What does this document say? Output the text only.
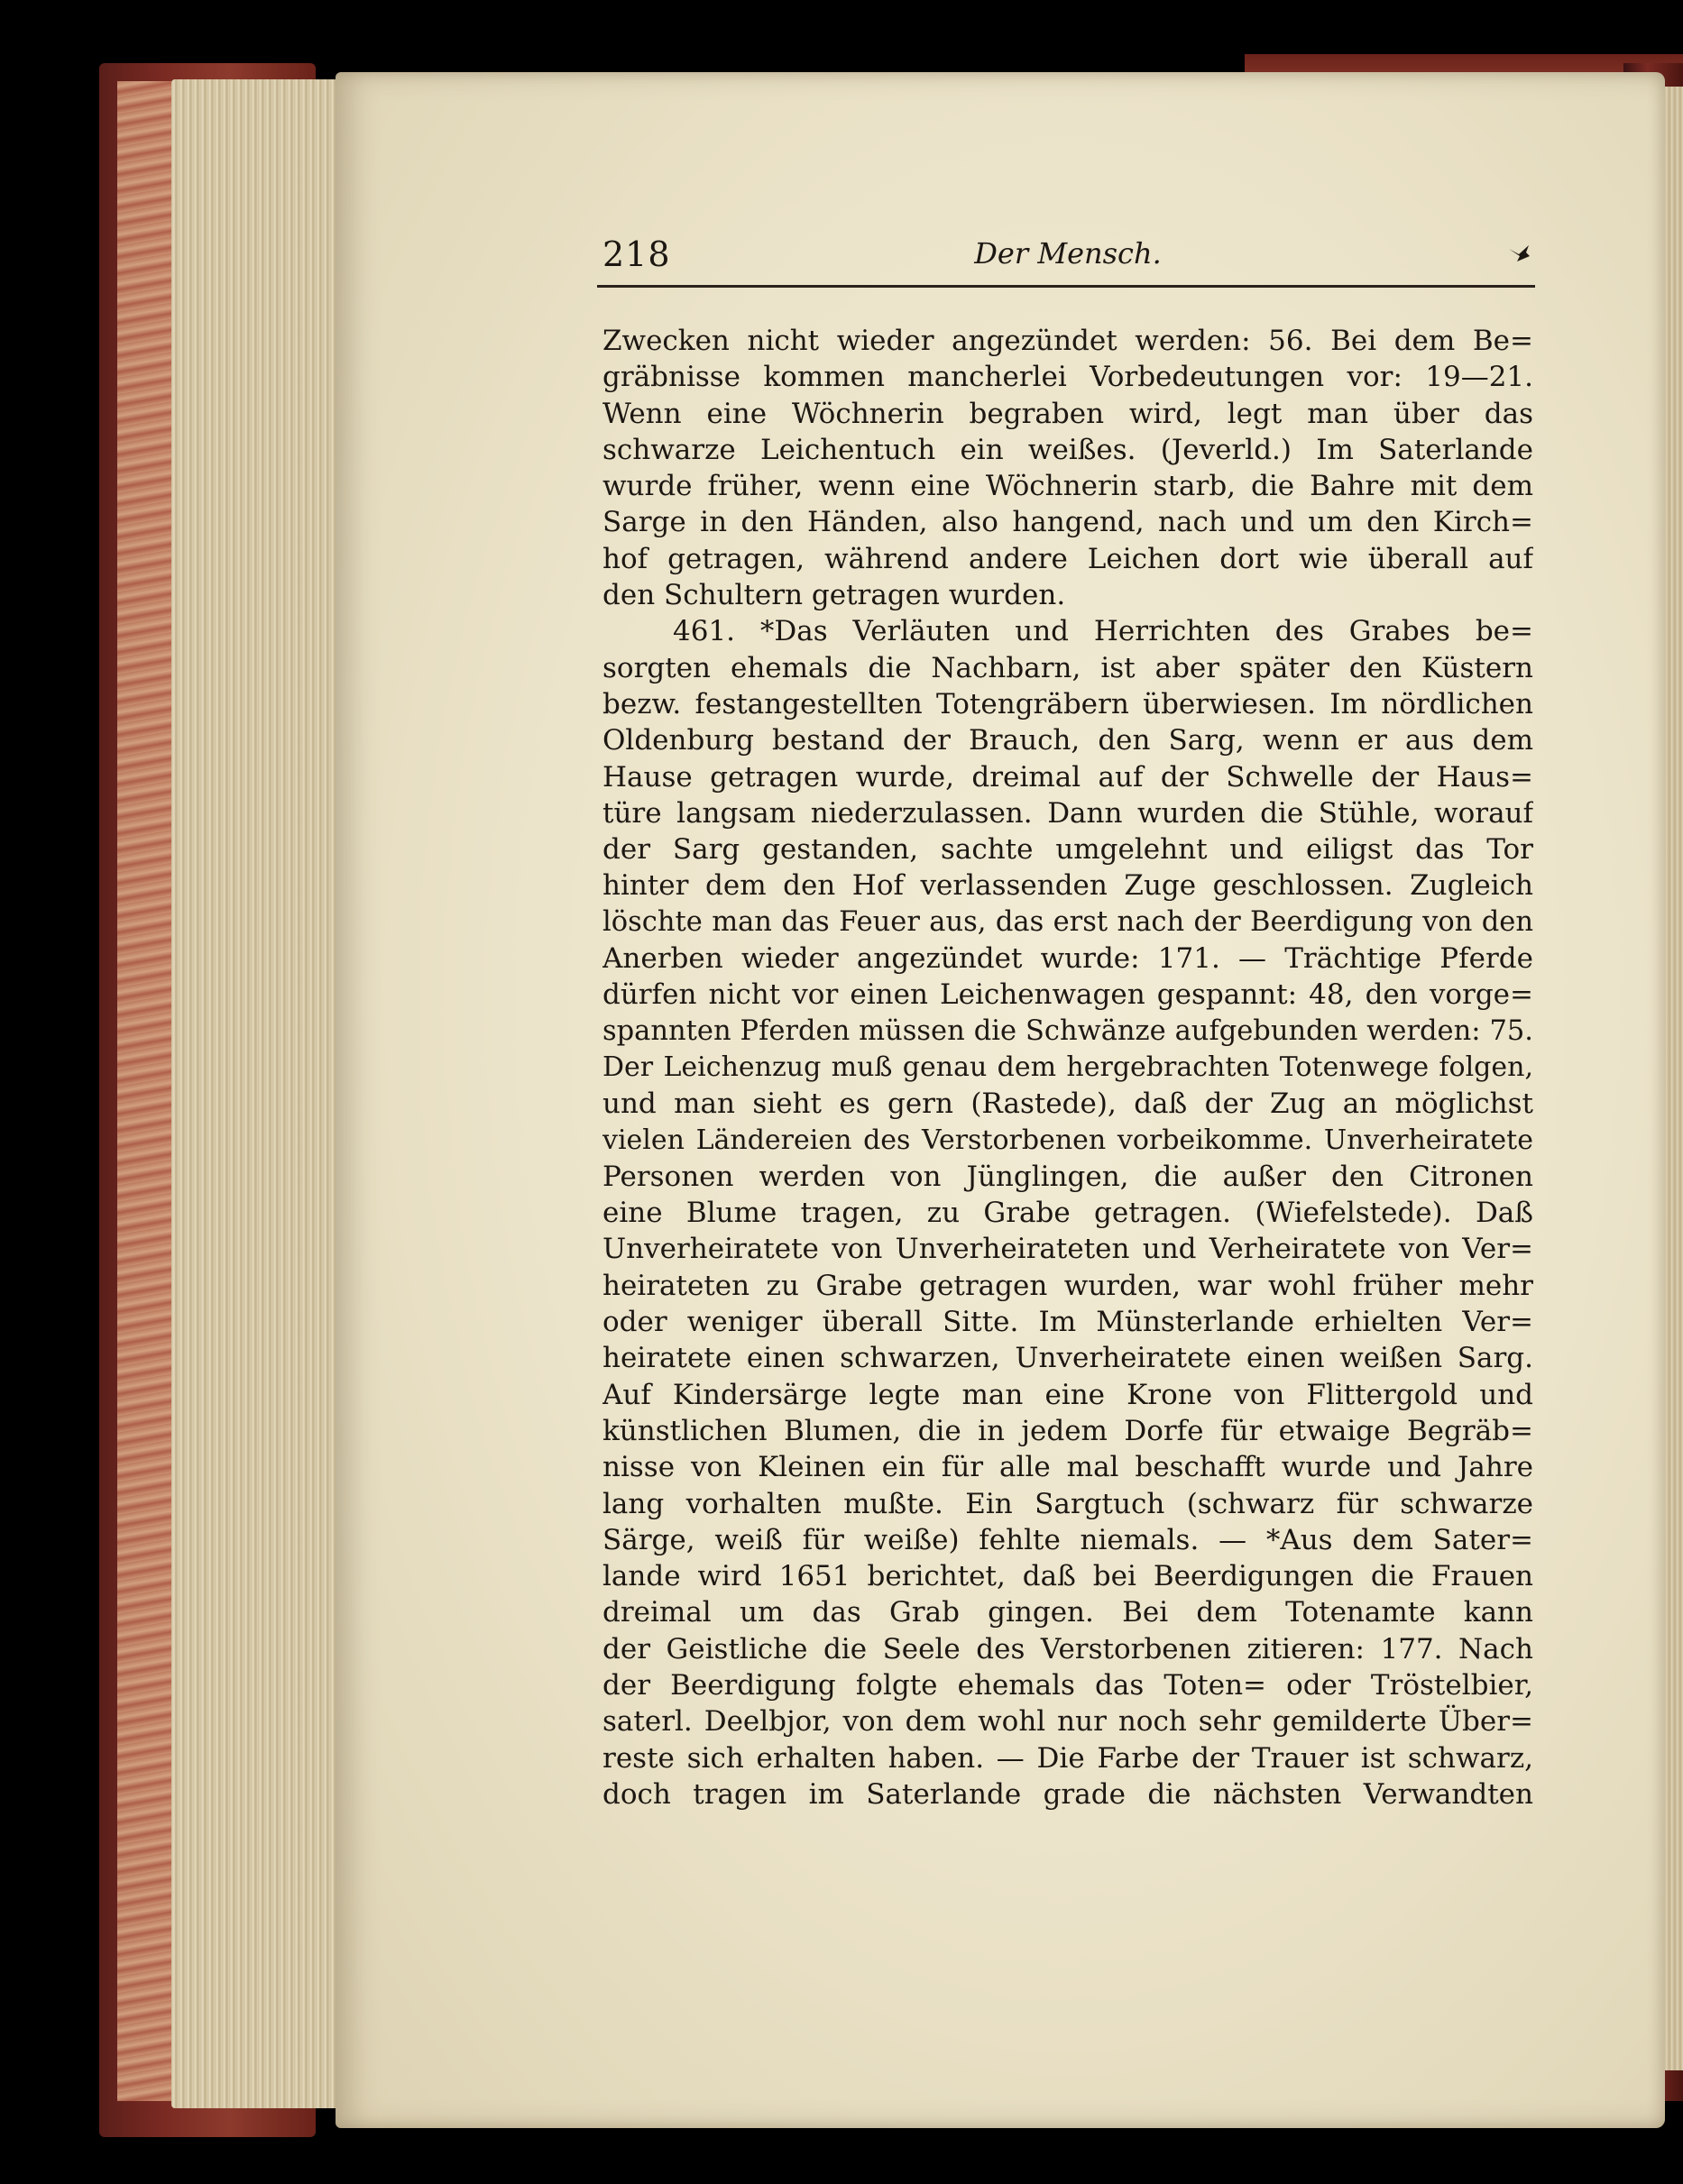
218	Der Mensch.
Zwecken nicht wieder angezündet werden: 56. Bei dem Be=
gräbnisse kommen mancherlei Vorbedeutungen vor: 19—21.
Wenn eine Wöchnerin begraben wird, legt man über das
schwarze Leichentuch ein weißes. (Jeverld.) Im Saterlande
wurde früher, wenn eine Wöchnerin starb, die Bahre mit dem
Sarge in den Händen, also hangend, nach und um den Kirch=
hof getragen, während andere Leichen dort wie überall auf
den Schultern getragen wurden.
461. *Das Verläuten und Herrichten des Grabes be=
sorgten ehemals die Nachbarn, ist aber später den Küstern
bezw. festangestellten Totengräbern überwiesen. Im nördlichen
Oldenburg bestand der Brauch, den Sarg, wenn er aus dem
Hause getragen wurde, dreimal auf der Schwelle der Haus=
türe langsam niederzulassen. Dann wurden die Stühle, worauf
der Sarg gestanden, sachte umgelehnt und eiligst das Tor
hinter dem den Hof verlassenden Zuge geschlossen. Zugleich
löschte man das Feuer aus, das erst nach der Beerdigung von den
Anerben wieder angezündet wurde: 171. — Trächtige Pferde
dürfen nicht vor einen Leichenwagen gespannt: 48, den vorge=
spannten Pferden müssen die Schwänze aufgebunden werden: 75.
Der Leichenzug muß genau dem hergebrachten Totenwege folgen,
und man sieht es gern (Rastede), daß der Zug an möglichst
vielen Ländereien des Verstorbenen vorbeikomme. Unverheiratete
Personen werden von Jünglingen, die außer den Citronen
eine Blume tragen, zu Grabe getragen. (Wiefelstede). Daß
Unverheiratete von Unverheirateten und Verheiratete von Ver=
heirateten zu Grabe getragen wurden, war wohl früher mehr
oder weniger überall Sitte. Im Münsterlande erhielten Ver=
heiratete einen schwarzen, Unverheiratete einen weißen Sarg.
Auf Kindersärge legte man eine Krone von Flittergold und
künstlichen Blumen, die in jedem Dorfe für etwaige Begräb=
nisse von Kleinen ein für alle mal beschafft wurde und Jahre
lang vorhalten mußte. Ein Sargtuch (schwarz für schwarze
Särge, weiß für weiße) fehlte niemals. — *Aus dem Sater=
lande wird 1651 berichtet, daß bei Beerdigungen die Frauen
dreimal um das Grab gingen. Bei dem Totenamte kann
der Geistliche die Seele des Verstorbenen zitieren: 177. Nach
der Beerdigung folgte ehemals das Toten= oder Tröstelbier,
saterl. Deelbjor, von dem wohl nur noch sehr gemilderte Über=
reste sich erhalten haben. — Die Farbe der Trauer ist schwarz,
doch tragen im Saterlande grade die nächsten Verwandten
